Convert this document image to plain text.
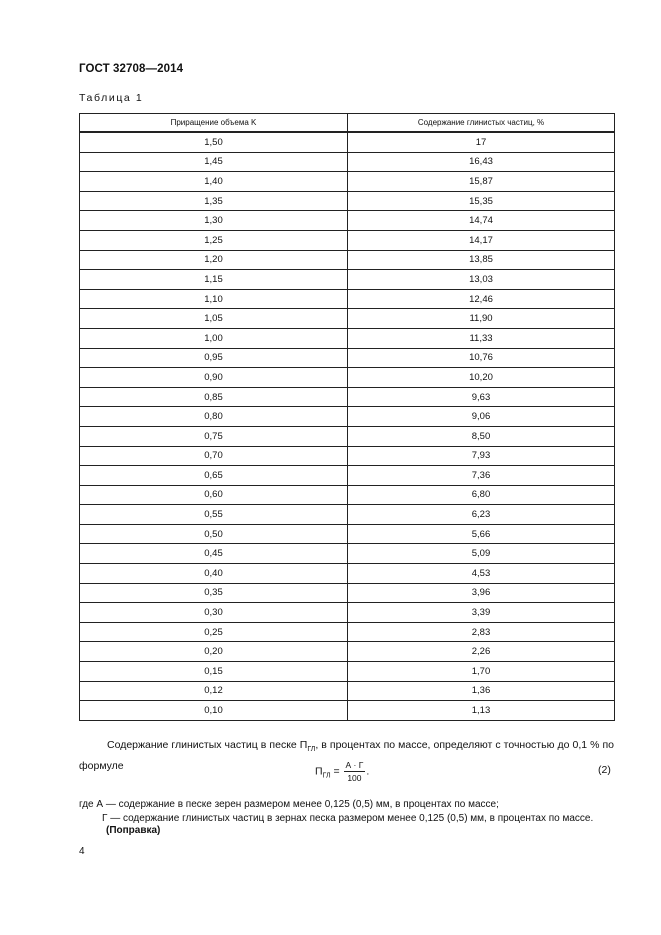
ГОСТ 32708—2014
Таблица 1
Приращение объема K	Содержание глинистых частиц, %
1,50	17
1,45	16,43
1,40	15,87
1,35	15,35
1,30	14,74
1,25	14,17
1,20	13,85
1,15	13,03
1,10	12,46
1,05	11,90
1,00	11,33
0,95	10,76
0,90	10,20
0,85	9,63
0,80	9,06
0,75	8,50
0,70	7,93
0,65	7,36
0,60	6,80
0,55	6,23
0,50	5,66
0,45	5,09
0,40	4,53
0,35	3,96
0,30	3,39
0,25	2,83
0,20	2,26
0,15	1,70
0,12	1,36
0,10	1,13
Содержание глинистых частиц в песке $П_{ГЛ}$, в процентах по массе, определяют с точностью до 0,1 % по формуле	$П_{ГЛ} = \frac{А \cdot Г}{100}$ .	(2)
где А — содержание в песке зерен размером менее 0,125 (0,5) мм, в процентах по массе;
Г — содержание глинистых частиц в зернах песка размером менее 0,125 (0,5) мм, в процентах по массе.
(Поправка)
4
